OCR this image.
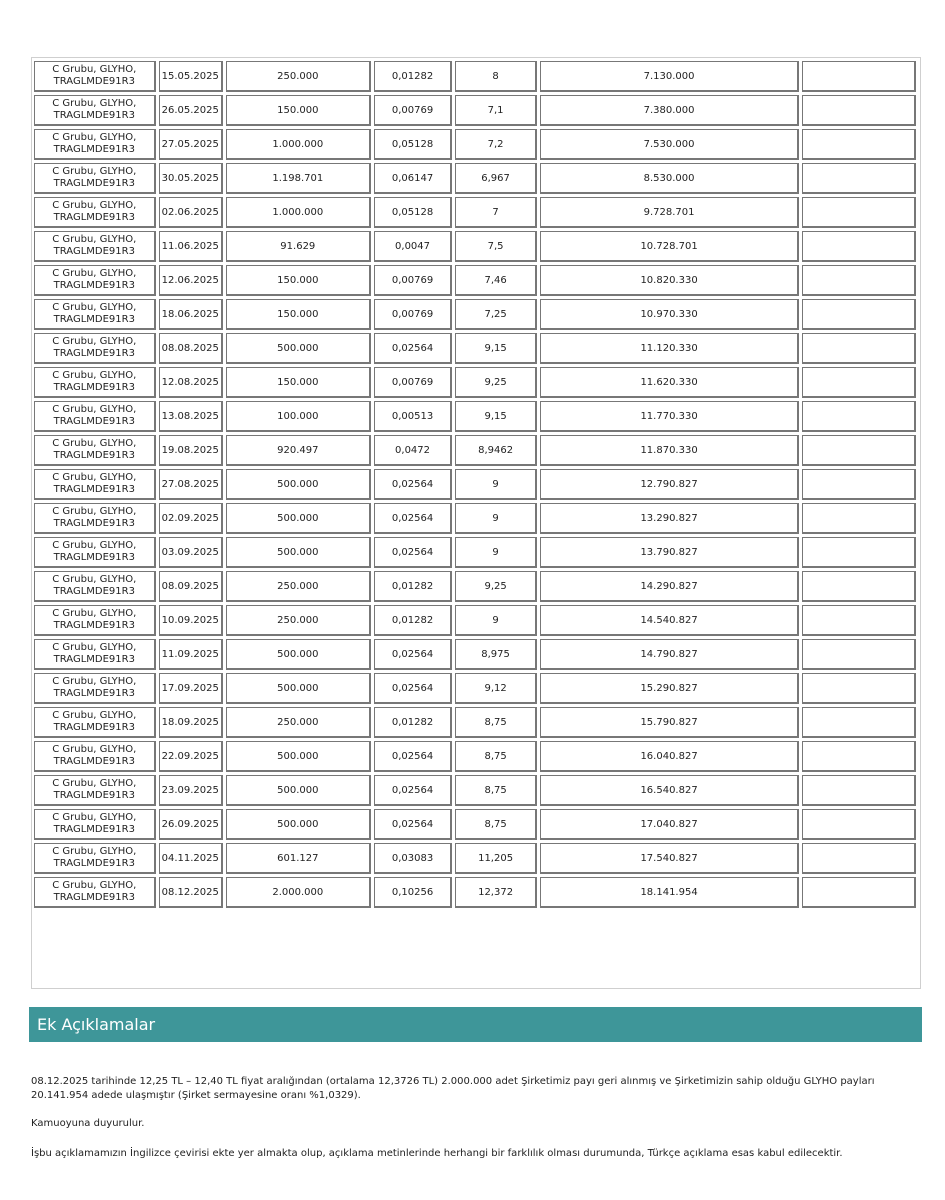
C Grubu, GLYHO,
TRAGLMDE91R3	15.05.2025	250.000	0,01282	8	7.130.000	

C Grubu, GLYHO,
TRAGLMDE91R3	26.05.2025	150.000	0,00769	7,1	7.380.000	

C Grubu, GLYHO,
TRAGLMDE91R3	27.05.2025	1.000.000	0,05128	7,2	7.530.000	

C Grubu, GLYHO,
TRAGLMDE91R3	30.05.2025	1.198.701	0,06147	6,967	8.530.000	

C Grubu, GLYHO,
TRAGLMDE91R3	02.06.2025	1.000.000	0,05128	7	9.728.701	

C Grubu, GLYHO,
TRAGLMDE91R3	11.06.2025	91.629	0,0047	7,5	10.728.701	

C Grubu, GLYHO,
TRAGLMDE91R3	12.06.2025	150.000	0,00769	7,46	10.820.330	

C Grubu, GLYHO,
TRAGLMDE91R3	18.06.2025	150.000	0,00769	7,25	10.970.330	

C Grubu, GLYHO,
TRAGLMDE91R3	08.08.2025	500.000	0,02564	9,15	11.120.330	

C Grubu, GLYHO,
TRAGLMDE91R3	12.08.2025	150.000	0,00769	9,25	11.620.330	

C Grubu, GLYHO,
TRAGLMDE91R3	13.08.2025	100.000	0,00513	9,15	11.770.330	

C Grubu, GLYHO,
TRAGLMDE91R3	19.08.2025	920.497	0,0472	8,9462	11.870.330	

C Grubu, GLYHO,
TRAGLMDE91R3	27.08.2025	500.000	0,02564	9	12.790.827	

C Grubu, GLYHO,
TRAGLMDE91R3	02.09.2025	500.000	0,02564	9	13.290.827	

C Grubu, GLYHO,
TRAGLMDE91R3	03.09.2025	500.000	0,02564	9	13.790.827	

C Grubu, GLYHO,
TRAGLMDE91R3	08.09.2025	250.000	0,01282	9,25	14.290.827	

C Grubu, GLYHO,
TRAGLMDE91R3	10.09.2025	250.000	0,01282	9	14.540.827	

C Grubu, GLYHO,
TRAGLMDE91R3	11.09.2025	500.000	0,02564	8,975	14.790.827	

C Grubu, GLYHO,
TRAGLMDE91R3	17.09.2025	500.000	0,02564	9,12	15.290.827	

C Grubu, GLYHO,
TRAGLMDE91R3	18.09.2025	250.000	0,01282	8,75	15.790.827	

C Grubu, GLYHO,
TRAGLMDE91R3	22.09.2025	500.000	0,02564	8,75	16.040.827	

C Grubu, GLYHO,
TRAGLMDE91R3	23.09.2025	500.000	0,02564	8,75	16.540.827	

C Grubu, GLYHO,
TRAGLMDE91R3	26.09.2025	500.000	0,02564	8,75	17.040.827	

C Grubu, GLYHO,
TRAGLMDE91R3	04.11.2025	601.127	0,03083	11,205	17.540.827	

C Grubu, GLYHO,
TRAGLMDE91R3	08.12.2025	2.000.000	0,10256	12,372	18.141.954	
Ek Açıklamalar

08.12.2025 tarihinde 12,25 TL – 12,40 TL fiyat aralığından (ortalama 12,3726 TL) 2.000.000 adet Şirketimiz payı geri alınmış ve Şirketimizin sahip olduğu GLYHO payları 20.141.954 adede ulaşmıştır (Şirket sermayesine oranı %1,0329).

Kamuoyuna duyurulur.

İşbu açıklamamızın İngilizce çevirisi ekte yer almakta olup, açıklama metinlerinde herhangi bir farklılık olması durumunda, Türkçe açıklama esas kabul edilecektir.
